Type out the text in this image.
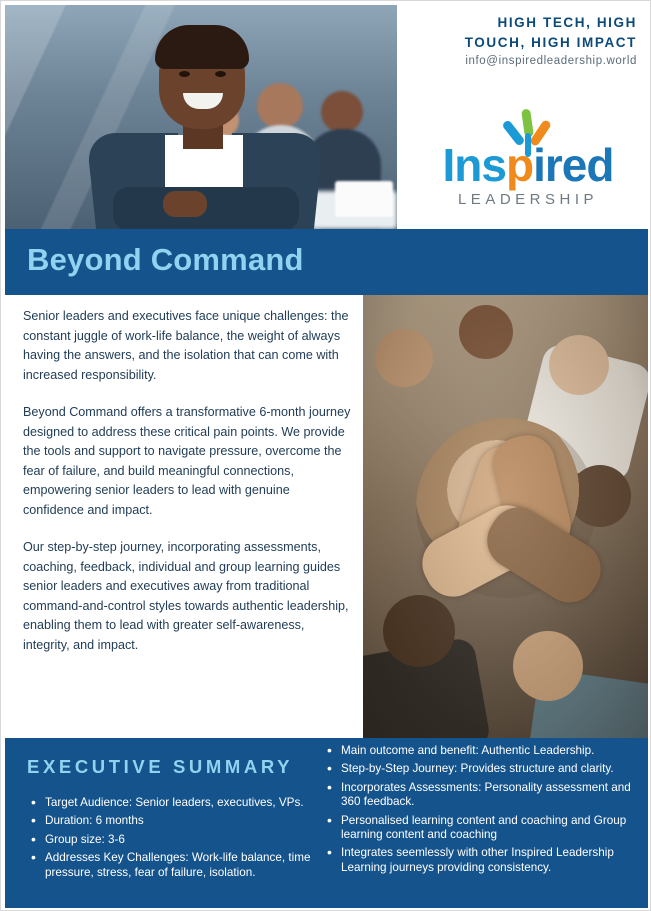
HIGH TECH, HIGH
TOUCH, HIGH IMPACT
info@inspiredleadership.world
Inspired
LEADERSHIP
Beyond Command

Senior leaders and executives face unique challenges: the constant juggle of work-life balance, the weight of always having the answers, and the isolation that can come with increased responsibility.

Beyond Command offers a transformative 6-month journey designed to address these critical pain points. We provide the tools and support to navigate pressure, overcome the fear of failure, and build meaningful connections, empowering senior leaders to lead with genuine confidence and impact.

Our step-by-step journey, incorporating assessments, coaching, feedback, individual and group learning guides senior leaders and executives away from traditional command-and-control styles towards authentic leadership, enabling them to lead with greater self-awareness, integrity, and impact.

EXECUTIVE SUMMARY
• Target Audience: Senior leaders, executives, VPs.
• Duration: 6 months
• Group size: 3-6
• Addresses Key Challenges: Work-life balance, time pressure, stress, fear of failure, isolation.
• Main outcome and benefit: Authentic Leadership.
• Step-by-Step Journey: Provides structure and clarity.
• Incorporates Assessments: Personality assessment and 360 feedback.
• Personalised learning content and coaching and Group learning content and coaching
• Integrates seemlessly with other Inspired Leadership Learning journeys providing consistency.
